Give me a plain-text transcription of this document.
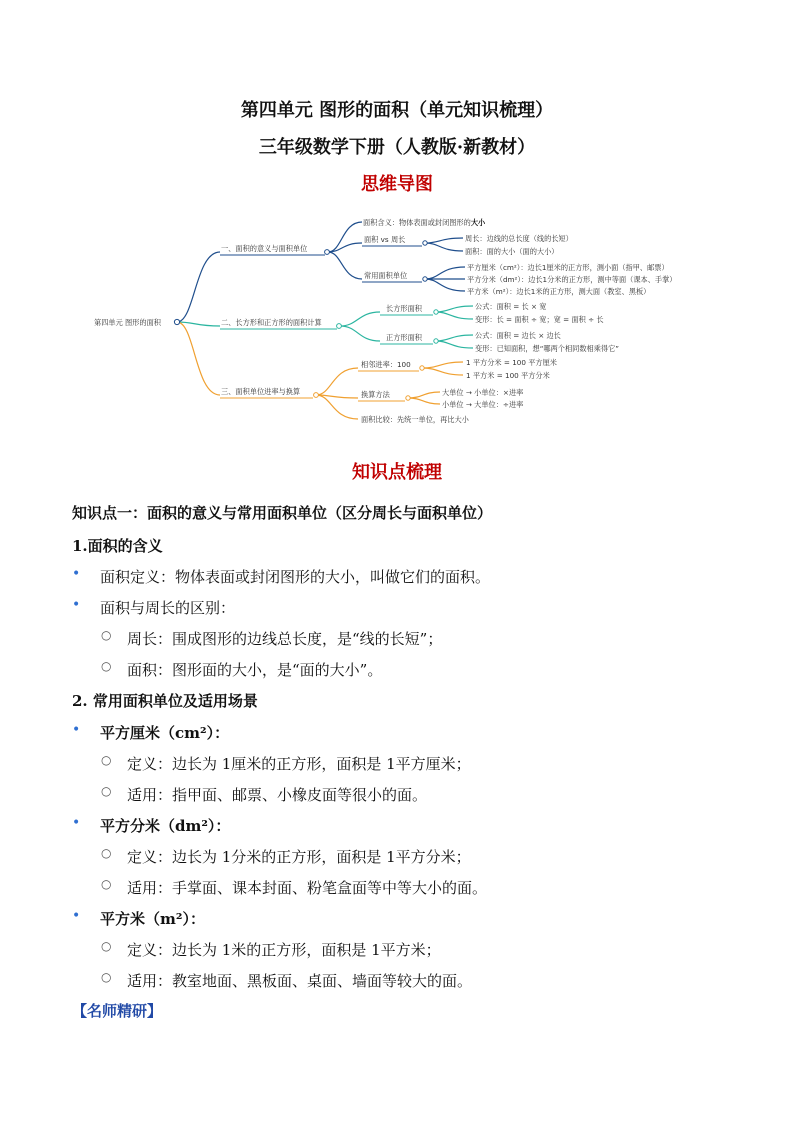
第四单元 图形的面积（单元知识梳理）
三年级数学下册（人教版·新教材）
思维导图
第四单元 图形的面积
一、面积的意义与面积单位
面积含义：物体表面或封闭图形的大小
面积 vs 周长	周长：边线的总长度（线的长短）
面积：面的大小（面的大小）
常用面积单位
平方厘米（cm²）：边长1厘米的正方形，测小面（指甲、邮票）
平方分米（dm²）：边长1分米的正方形，测中等面（课本、手掌）
平方米（m²）：边长1米的正方形，测大面（教室、黑板）
二、长方形和正方形的面积计算
长方形面积	公式：面积 = 长 × 宽
变形：长 = 面积 ÷ 宽；宽 = 面积 ÷ 长
正方形面积	公式：面积 = 边长 × 边长
变形：已知面积，想“哪两个相同数相乘得它”
三、面积单位进率与换算
相邻进率：100	1 平方分米 = 100 平方厘米
1 平方米 = 100 平方分米
换算方法	大单位 → 小单位：×进率
小单位 → 大单位：÷进率
面积比较：先统一单位，再比大小
知识点梳理
知识点一：面积的意义与常用面积单位（区分周长与面积单位）
1.面积的含义
• 面积定义：物体表面或封闭图形的大小，叫做它们的面积。
• 面积与周长的区别：
○ 周长：围成图形的边线总长度，是“线的长短”；
○ 面积：图形面的大小，是“面的大小”。
2. 常用面积单位及适用场景
• 平方厘米（cm²）：
○ 定义：边长为 1厘米的正方形，面积是 1平方厘米；
○ 适用：指甲面、邮票、小橡皮面等很小的面。
• 平方分米（dm²）：
○ 定义：边长为 1分米的正方形，面积是 1平方分米；
○ 适用：手掌面、课本封面、粉笔盒面等中等大小的面。
• 平方米（m²）：
○ 定义：边长为 1米的正方形，面积是 1平方米；
○ 适用：教室地面、黑板面、桌面、墙面等较大的面。
【名师精研】
